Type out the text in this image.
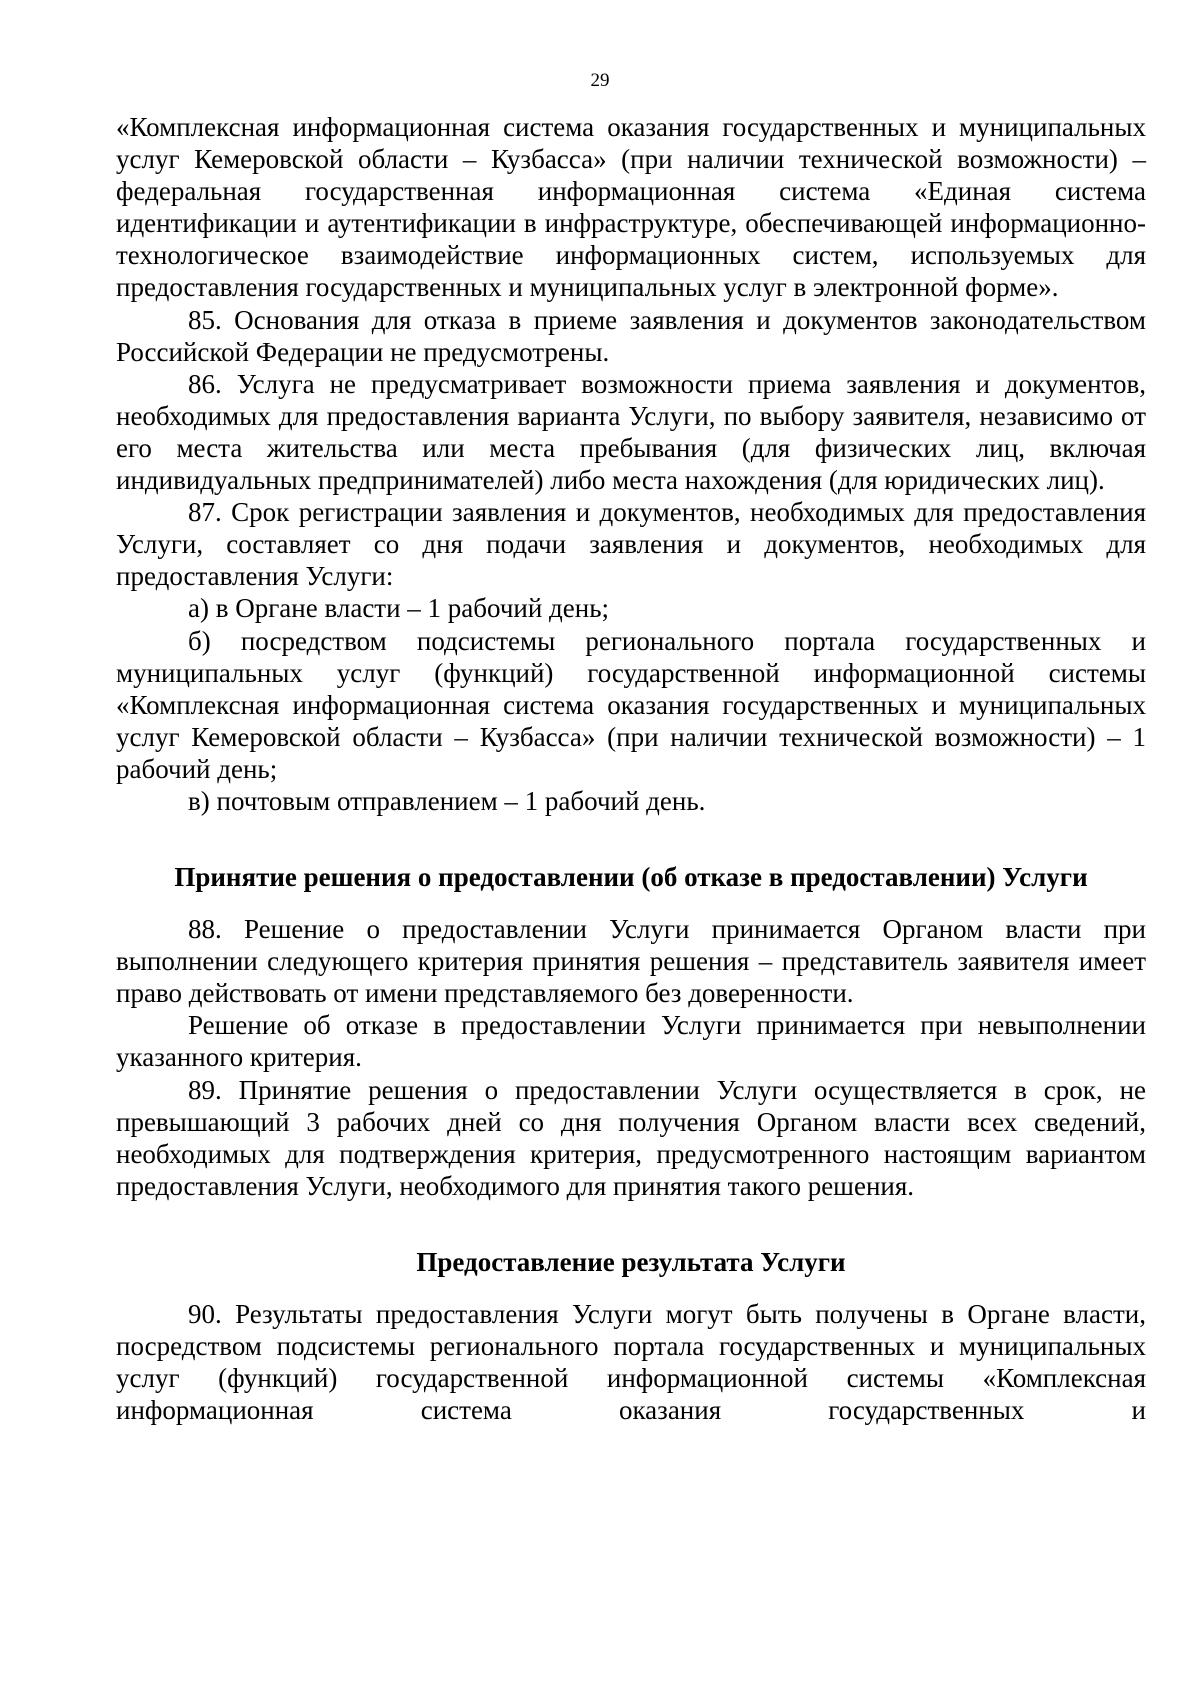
29

«Комплексная информационная система оказания государственных и муниципальных услуг Кемеровской области – Кузбасса» (при наличии технической возможности) – федеральная государственная информационная система «Единая система идентификации и аутентификации в инфраструктуре, обеспечивающей информационно-технологическое взаимодействие информационных систем, используемых для предоставления государственных и муниципальных услуг в электронной форме».

85. Основания для отказа в приеме заявления и документов законодательством Российской Федерации не предусмотрены.

86. Услуга не предусматривает возможности приема заявления и документов, необходимых для предоставления варианта Услуги, по выбору заявителя, независимо от его места жительства или места пребывания (для физических лиц, включая индивидуальных предпринимателей) либо места нахождения (для юридических лиц).

87. Срок регистрации заявления и документов, необходимых для предоставления Услуги, составляет со дня подачи заявления и документов, необходимых для предоставления Услуги:

а) в Органе власти – 1 рабочий день;

б) посредством подсистемы регионального портала государственных и муниципальных услуг (функций) государственной информационной системы «Комплексная информационная система оказания государственных и муниципальных услуг Кемеровской области – Кузбасса» (при наличии технической возможности) – 1 рабочий день;

в) почтовым отправлением – 1 рабочий день.

Принятие решения о предоставлении (об отказе в предоставлении) Услуги

88. Решение о предоставлении Услуги принимается Органом власти при выполнении следующего критерия принятия решения – представитель заявителя имеет право действовать от имени представляемого без доверенности.

Решение об отказе в предоставлении Услуги принимается при невыполнении указанного критерия.

89. Принятие решения о предоставлении Услуги осуществляется в срок, не превышающий 3 рабочих дней со дня получения Органом власти всех сведений, необходимых для подтверждения критерия, предусмотренного настоящим вариантом предоставления Услуги, необходимого для принятия такого решения.

Предоставление результата Услуги

90. Результаты предоставления Услуги могут быть получены в Органе власти, посредством подсистемы регионального портала государственных и муниципальных услуг (функций) государственной информационной системы «Комплексная информационная система оказания государственных и
